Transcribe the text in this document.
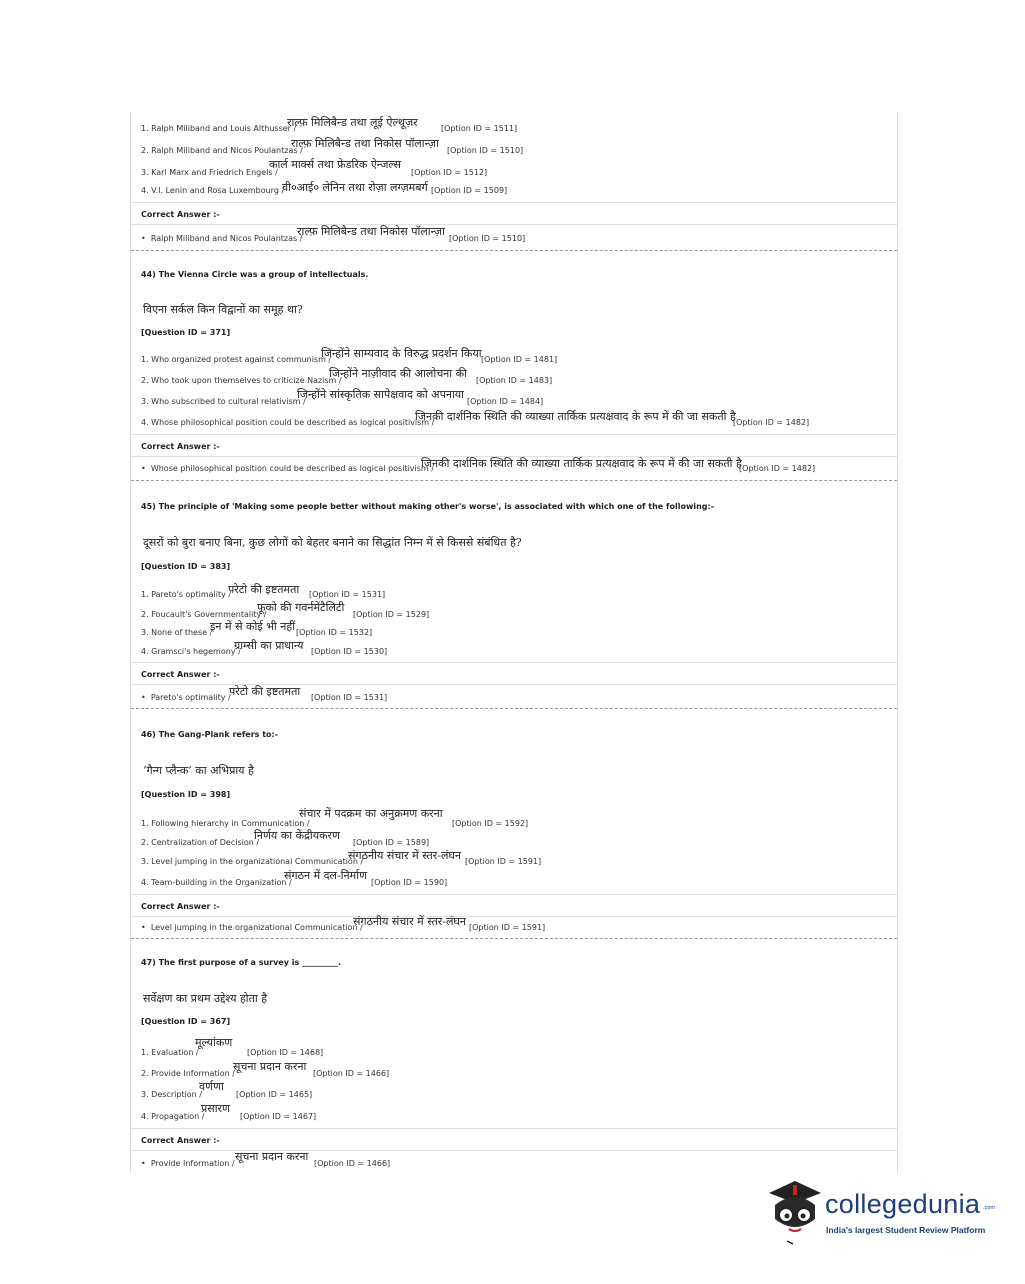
1. Ralph Miliband and Louis Althusser /
राल्फ़ मिलिबैन्ड तथा लूई ऐल्थूज़र	[Option ID = 1511]
2. Ralph Miliband and Nicos Poulantzas /
राल्फ़ मिलिबैन्ड तथा निकोस पॉलान्ज़ा
[Option ID = 1510]
3. Karl Marx and Friedrich Engels /
कार्ल मार्क्स तथा फ्रेडरिक ऐन्जल्स
[Option ID = 1512]
4. V.I. Lenin and Rosa Luxembourg /
वी०आई० लेनिन तथा रोज़ा लग्ज़मबर्ग [Option ID = 1509]
Correct Answer :-
•  Ralph Miliband and Nicos Poulantzas /
राल्फ़ मिलिबैन्ड तथा निकोस पॉलान्ज़ा
[Option ID = 1510]
44) The Vienna Circle was a group of intellectuals.
विएना सर्कल किन विद्वानों का समूह था?
[Question ID = 371]
1. Who organized protest against communism /
जिन्होंने साम्यवाद के विरुद्ध प्रदर्शन किया [Option ID = 1481]
2. Who took upon themselves to criticize Nazism /
जिन्होंने नाज़ीवाद की आलोचना की
[Option ID = 1483]
3. Who subscribed to cultural relativism /
जिन्होंने सांस्कृतिक सापेक्षवाद को अपनाया
[Option ID = 1484]
4. Whose philosophical position could be described as logical positivism /
जिनकी दार्शनिक स्थिति की व्याख्या तार्किक प्रत्यक्षवाद के रूप में की जा सकती है
[Option ID = 1482]
Correct Answer :-
•  Whose philosophical position could be described as logical positivism /
जिनकी दार्शनिक स्थिति की व्याख्या तार्किक प्रत्यक्षवाद के रूप में की जा सकती है
[Option ID = 1482]
45) The principle of 'Making some people better without making other's worse', is associated with which one of the following:-
दूसरों को बुरा बनाए बिना, कुछ लोगों को बेहतर बनाने का सिद्धांत निम्न में से किससे संबंधित है?
[Question ID = 383]
1. Pareto's optimality /
परेटो की इष्टतमता [Option ID = 1531]
2. Foucault's Governmentality /
फूको की गवर्नमेंटैलिटी
[Option ID = 1529]
3. None of these /
इन में से कोई भी नहीं [Option ID = 1532]
4. Gramsci's hegemony /
ग्राम्सी का प्राधान्य [Option ID = 1530]
Correct Answer :-
•  Pareto's optimality /
परेटो की इष्टतमता [Option ID = 1531]
46) The Gang-Plank refers to:-
‘गैन्ग प्लैन्क’ का अभिप्राय है
[Question ID = 398]
1. Following hierarchy in Communication /
संचार में पदक्रम का अनुक्रमण करना
[Option ID = 1592]
2. Centralization of Decision /
निर्णय का केंद्रीयकरण
[Option ID = 1589]
3. Level jumping in the organizational Communication /
संगठनीय संचार में स्तर-लंघन [Option ID = 1591]
4. Team-building in the Organization /
संगठन में दल-निर्माण
[Option ID = 1590]
Correct Answer :-
•  Level jumping in the organizational Communication /
संगठनीय संचार में स्तर-लंघन [Option ID = 1591]
47) The first purpose of a survey is _________.
सर्वेक्षण का प्रथम उद्देश्य होता है
[Question ID = 367]
1. Evaluation /
मूल्यांकण
[Option ID = 1468]
2. Provide Information /
सूचना प्रदान करना
[Option ID = 1466]
3. Description /
वर्णणा
[Option ID = 1465]
4. Propagation /
प्रसारण
[Option ID = 1467]
Correct Answer :-
•  Provide Information /
सूचना प्रदान करना
[Option ID = 1466]
collegedunia .com
India's largest Student Review Platform
